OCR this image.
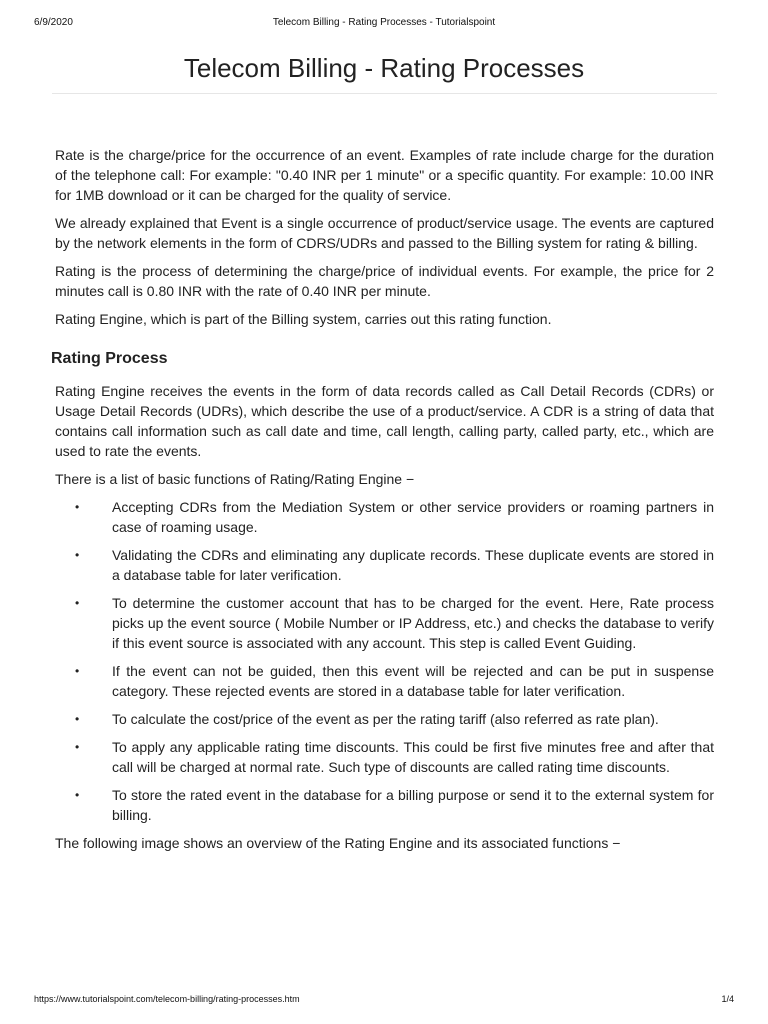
6/9/2020	Telecom Billing - Rating Processes - Tutorialspoint
Telecom Billing - Rating Processes

Rate is the charge/price for the occurrence of an event. Examples of rate include charge for the duration of the telephone call: For example: "0.40 INR per 1 minute" or a specific quantity. For example: 10.00 INR for 1MB download or it can be charged for the quality of service.

We already explained that Event is a single occurrence of product/service usage. The events are captured by the network elements in the form of CDRS/UDRs and passed to the Billing system for rating & billing.

Rating is the process of determining the charge/price of individual events. For example, the price for 2 minutes call is 0.80 INR with the rate of 0.40 INR per minute.

Rating Engine, which is part of the Billing system, carries out this rating function.

Rating Process

Rating Engine receives the events in the form of data records called as Call Detail Records (CDRs) or Usage Detail Records (UDRs), which describe the use of a product/service. A CDR is a string of data that contains call information such as call date and time, call length, calling party, called party, etc., which are used to rate the events.

There is a list of basic functions of Rating/Rating Engine −

• Accepting CDRs from the Mediation System or other service providers or roaming partners in case of roaming usage.
• Validating the CDRs and eliminating any duplicate records. These duplicate events are stored in a database table for later verification.
• To determine the customer account that has to be charged for the event. Here, Rate process picks up the event source ( Mobile Number or IP Address, etc.) and checks the database to verify if this event source is associated with any account. This step is called Event Guiding.
• If the event can not be guided, then this event will be rejected and can be put in suspense category. These rejected events are stored in a database table for later verification.
• To calculate the cost/price of the event as per the rating tariff (also referred as rate plan).
• To apply any applicable rating time discounts. This could be first five minutes free and after that call will be charged at normal rate. Such type of discounts are called rating time discounts.
• To store the rated event in the database for a billing purpose or send it to the external system for billing.

The following image shows an overview of the Rating Engine and its associated functions −

https://www.tutorialspoint.com/telecom-billing/rating-processes.htm	1/4
